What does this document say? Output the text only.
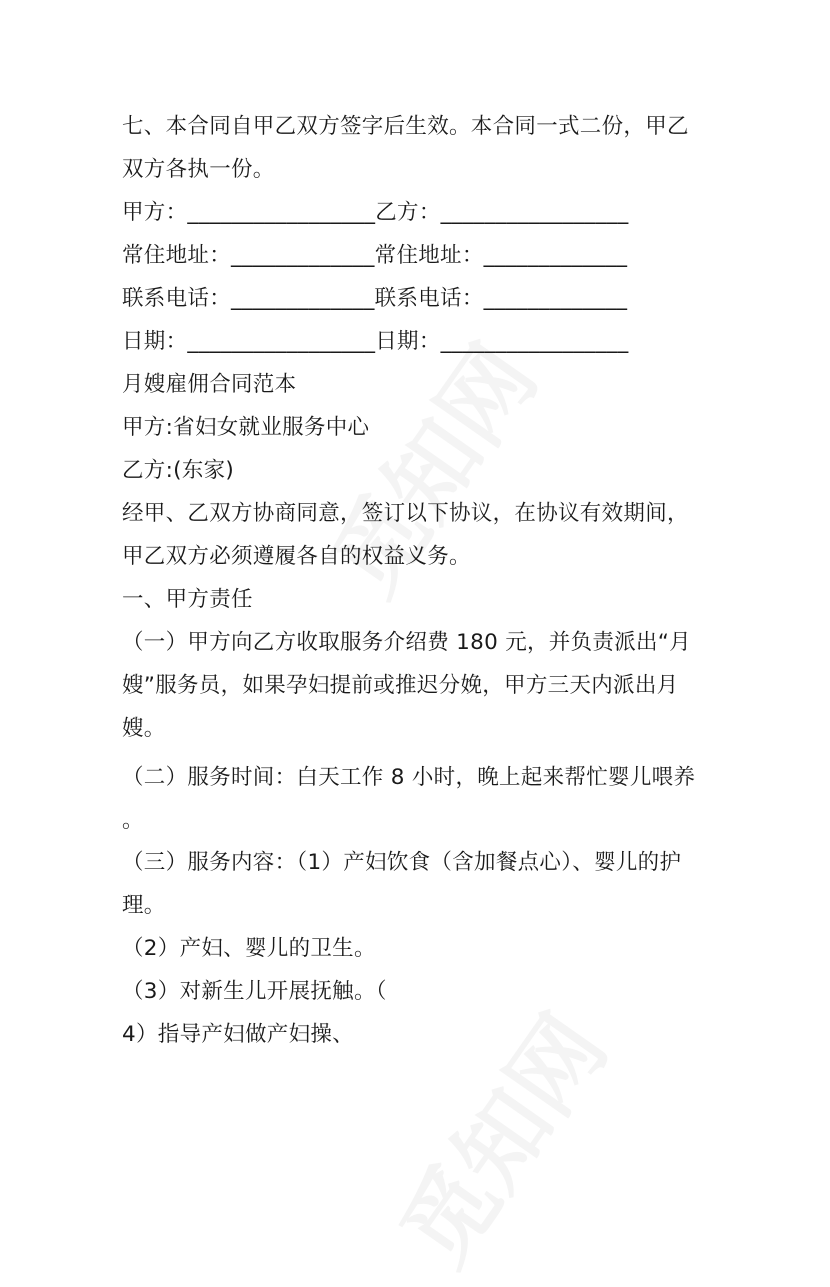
七、本合同自甲乙双方签字后生效。本合同一式二份，甲乙
双方各执一份。
甲方：_________________乙方：_________________
常住地址：_____________常住地址：_____________
联系电话：_____________联系电话：_____________
日期：_________________日期：_________________
月嫂雇佣合同范本
甲方:省妇女就业服务中心
乙方:(东家)
经甲、乙双方协商同意，签订以下协议，在协议有效期间，
甲乙双方必须遵履各自的权益义务。
一、甲方责任
（一）甲方向乙方收取服务介绍费 180 元，并负责派出“月
嫂”服务员，如果孕妇提前或推迟分娩，甲方三天内派出月
嫂。
（二）服务时间：白天工作 8 小时，晚上起来帮忙婴儿喂养
。
（三）服务内容：（1）产妇饮食（含加餐点心）、婴儿的护
理。
（2）产妇、婴儿的卫生。
（3）对新生儿开展抚触。（
4）指导产妇做产妇操、
